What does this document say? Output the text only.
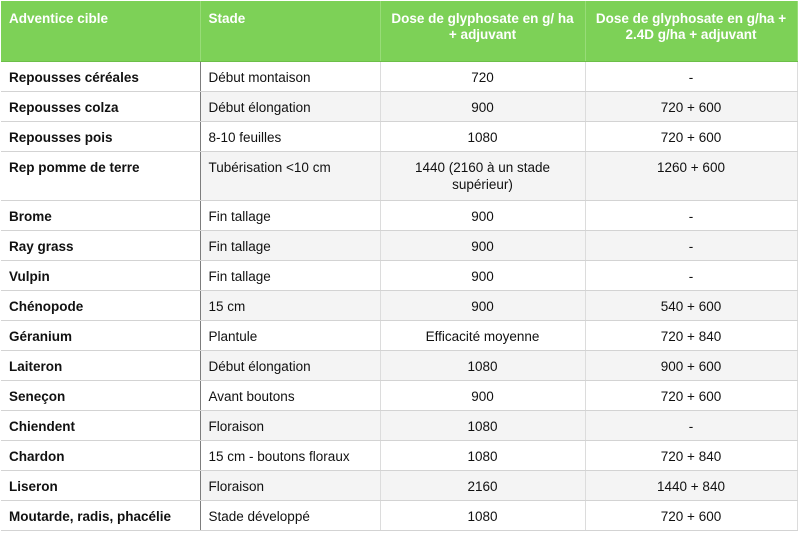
Adventice cible	Stade	Dose de glyphosate en g/ ha + adjuvant	Dose de glyphosate en g/ha + 2.4D g/ha + adjuvant
Repousses céréales	Début montaison	720	-
Repousses colza	Début élongation	900	720 + 600
Repousses pois	8-10 feuilles	1080	720 + 600
Rep pomme de terre	Tubérisation <10 cm	1440 (2160 à un stade supérieur)	1260 + 600
Brome	Fin tallage	900	-
Ray grass	Fin tallage	900	-
Vulpin	Fin tallage	900	-
Chénopode	15 cm	900	540 + 600
Géranium	Plantule	Efficacité moyenne	720 + 840
Laiteron	Début élongation	1080	900 + 600
Seneçon	Avant boutons	900	720 + 600
Chiendent	Floraison	1080	-
Chardon	15 cm - boutons floraux	1080	720 + 840
Liseron	Floraison	2160	1440 + 840
Moutarde, radis, phacélie	Stade développé	1080	720 + 600
